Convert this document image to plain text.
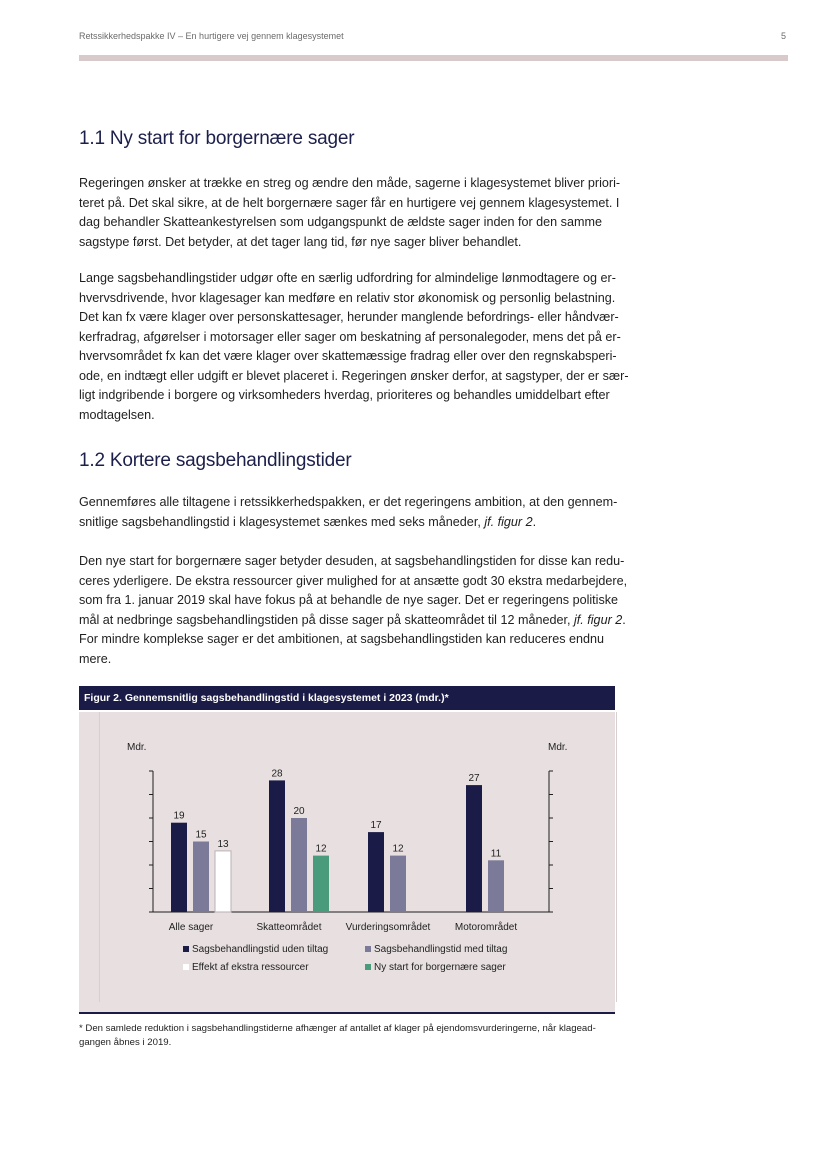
Retssikkerhedspakke IV – En hurtigere vej gennem klagesystemet	5
1.1 Ny start for borgernære sager

Regeringen ønsker at trække en streg og ændre den måde, sagerne i klagesystemet bliver priori-
teret på. Det skal sikre, at de helt borgernære sager får en hurtigere vej gennem klagesystemet. I
dag behandler Skatteankestyrelsen som udgangspunkt de ældste sager inden for den samme
sagstype først. Det betyder, at det tager lang tid, før nye sager bliver behandlet.

Lange sagsbehandlingstider udgør ofte en særlig udfordring for almindelige lønmodtagere og er-
hvervsdrivende, hvor klagesager kan medføre en relativ stor økonomisk og personlig belastning.
Det kan fx være klager over personskattesager, herunder manglende befordrings- eller håndvær-
kerfradrag, afgørelser i motorsager eller sager om beskatning af personalegoder, mens det på er-
hvervsområdet fx kan det være klager over skattemæssige fradrag eller over den regnskabsperi-
ode, en indtægt eller udgift er blevet placeret i. Regeringen ønsker derfor, at sagstyper, der er sær-
ligt indgribende i borgere og virksomheders hverdag, prioriteres og behandles umiddelbart efter
modtagelsen.

1.2 Kortere sagsbehandlingstider

Gennemføres alle tiltagene i retssikkerhedspakken, er det regeringens ambition, at den gennem-
snitlige sagsbehandlingstid i klagesystemet sænkes med seks måneder, jf. figur 2.

Den nye start for borgernære sager betyder desuden, at sagsbehandlingstiden for disse kan redu-
ceres yderligere. De ekstra ressourcer giver mulighed for at ansætte godt 30 ekstra medarbejdere,
som fra 1. januar 2019 skal have fokus på at behandle de nye sager. Det er regeringens politiske
mål at nedbringe sagsbehandlingstiden på disse sager på skatteområdet til 12 måneder, jf. figur 2.
For mindre komplekse sager er det ambitionen, at sagsbehandlingstiden kan reduceres endnu
mere.

Figur 2. Gennemsnitlig sagsbehandlingstid i klagesystemet i 2023 (mdr.)*
Mdr.	Mdr.
19
15
13
Alle sager
28
20
12
Skatteområdet
17
12
Vurderingsområdet
27
11
Motorområdet
Sagsbehandlingstid uden tiltag	Sagsbehandlingstid med tiltag
Effekt af ekstra ressourcer	Ny start for borgernære sager
* Den samlede reduktion i sagsbehandlingstiderne afhænger af antallet af klager på ejendomsvurderingerne, når klagead-
gangen åbnes i 2019.
